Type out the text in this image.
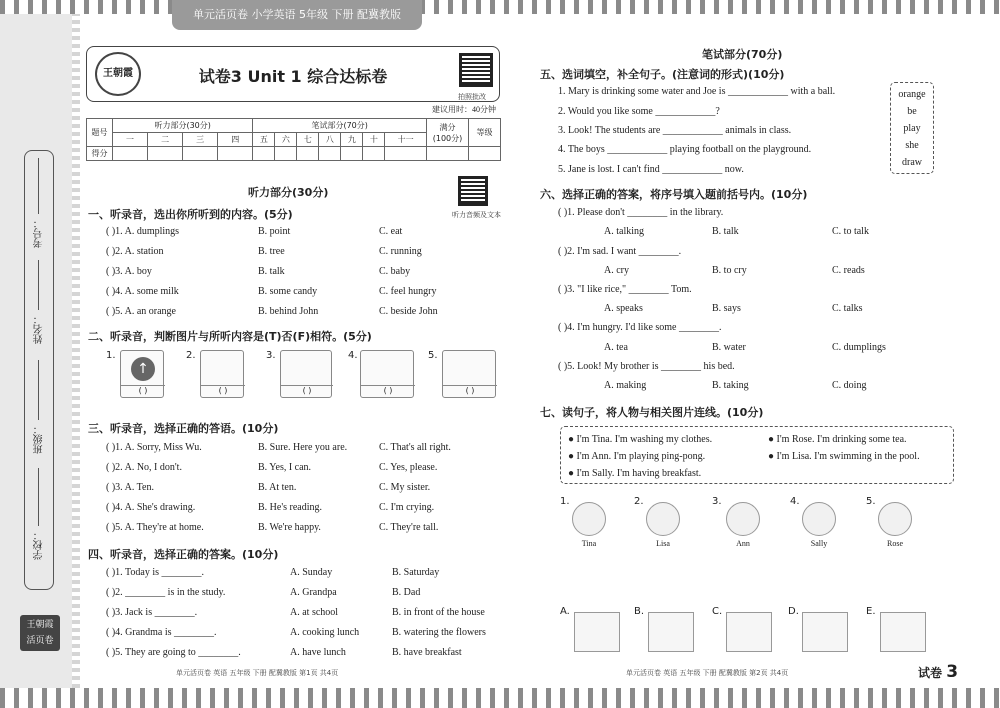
单元活页卷 小学英语 5年级 下册 配冀教版
考号：
姓名：
班级：
学校：
王朝霞
活页卷
王朝霞	试卷3 Unit 1 综合达标卷
拍照批改
建议用时：40分钟
题号	听力部分(30分)				笔试部分(70分)							满分
(100分)	等级
	一	二	三	四	五	六	七	八	九	十	十一		
得分													
听力部分(30分)
听力音频及文本
一、听录音，选出你所听到的内容。(5分)
( )1. A. dumplings	B. point	C. eat
( )2. A. station	B. tree	C. running
( )3. A. boy	B. talk	C. baby
( )4. A. some milk	B. some candy	C. feel hungry
( )5. A. an orange	B. behind John	C. beside John
二、听录音，判断图片与所听内容是(T)否(F)相符。(5分)
1.
↑
( )
2.
( )
3.
( )
4.
( )
5.
( )
三、听录音，选择正确的答语。(10分)
( )1. A. Sorry, Miss Wu.	B. Sure. Here you are.	C. That's all right.
( )2. A. No, I don't.	B. Yes, I can.	C. Yes, please.
( )3. A. Ten.	B. At ten.	C. My sister.
( )4. A. She's drawing.	B. He's reading.	C. I'm crying.
( )5. A. They're at home.	B. We're happy.	C. They're tall.
四、听录音，选择正确的答案。(10分)
( )1. Today is ________.	A. Sunday	B. Saturday
( )2. ________ is in the study.	A. Grandpa	B. Dad
( )3. Jack is ________.	A. at school	B. in front of the house
( )4. Grandma is ________.	A. cooking lunch	B. watering the flowers
( )5. They are going to ________.	A. have lunch	B. have breakfast
单元活页卷 英语 五年级 下册 配冀教版 第1页 共4页
笔试部分(70分)
五、选词填空，补全句子。(注意词的形式)(10分)
1. Mary is drinking some water and Joe is ____________ with a ball.
2. Would you like some ____________?
3. Look! The students are ____________ animals in class.
4. The boys ____________ playing football on the playground.
5. Jane is lost. I can't find ____________ now.
orange
be
play
she
draw
六、选择正确的答案，将序号填入题前括号内。(10分)
( )1. Please don't ________ in the library.
A. talking	B. talk	C. to talk
( )2. I'm sad. I want ________.
A. cry	B. to cry	C. reads
( )3. "I like rice," ________ Tom.
A. speaks	B. says	C. talks
( )4. I'm hungry. I'd like some ________.
A. tea	B. water	C. dumplings
( )5. Look! My brother is ________ his bed.
A. making	B. taking	C. doing
七、读句子，将人物与相关图片连线。(10分)
● I'm Tina. I'm washing my clothes.	● I'm Rose. I'm drinking some tea.
● I'm Ann. I'm playing ping-pong.	● I'm Lisa. I'm swimming in the pool.
● I'm Sally. I'm having breakfast.
1.
Tina
2.
Lisa
3.
Ann
4.
Sally
5.
Rose
A.	B.	C.	D.	E.
单元活页卷 英语 五年级 下册 配冀教版 第2页 共4页	试卷 3
